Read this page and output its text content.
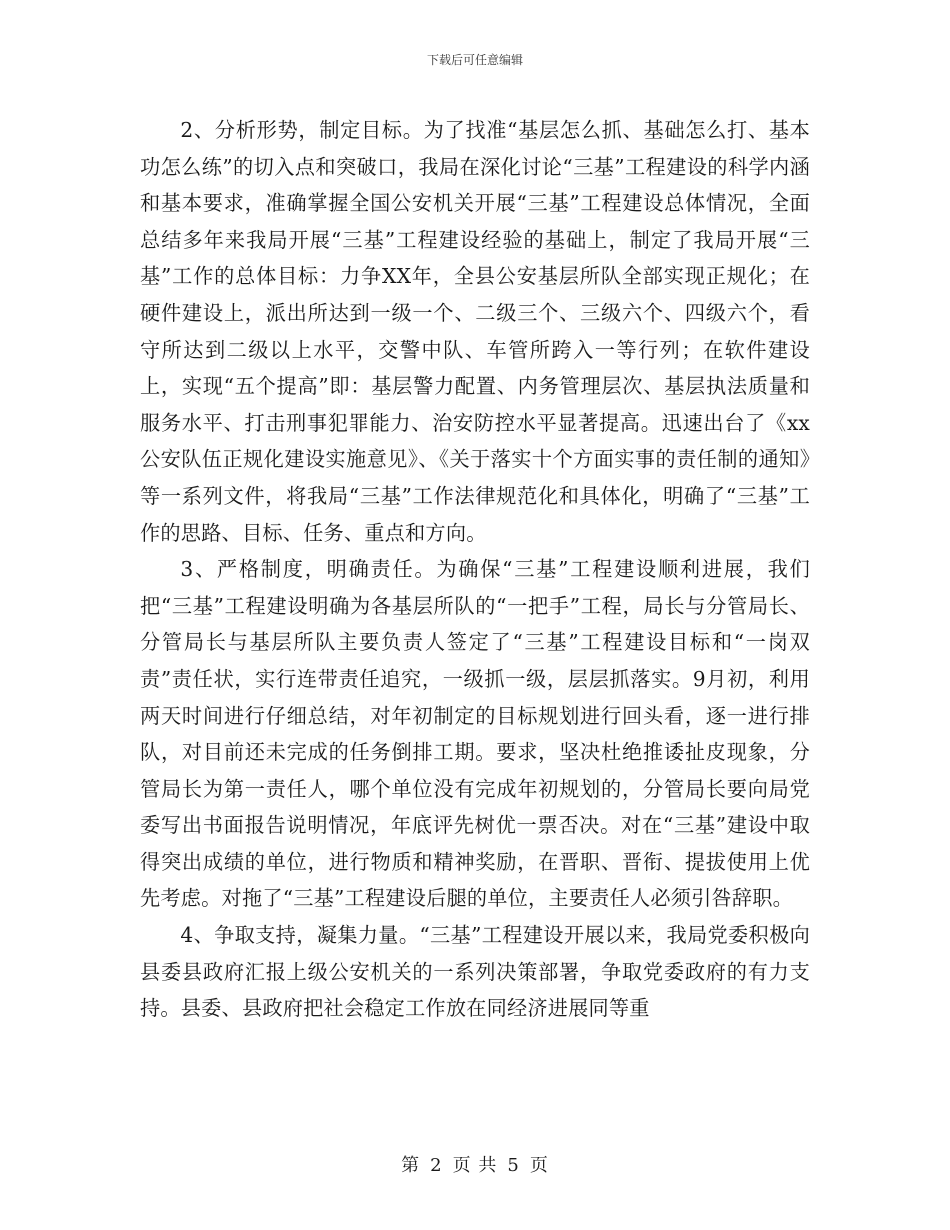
下载后可任意编辑

2、分析形势，制定目标。为了找准“基层怎么抓、基础怎么打、基本功怎么练”的切入点和突破口，我局在深化讨论“三基”工程建设的科学内涵和基本要求，准确掌握全国公安机关开展“三基”工程建设总体情况，全面总结多年来我局开展“三基”工程建设经验的基础上，制定了我局开展“三基”工作的总体目标：力争XX年，全县公安基层所队全部实现正规化；在硬件建设上，派出所达到一级一个、二级三个、三级六个、四级六个，看守所达到二级以上水平，交警中队、车管所跨入一等行列；在软件建设上，实现“五个提高”即：基层警力配置、内务管理层次、基层执法质量和服务水平、打击刑事犯罪能力、治安防控水平显著提高。迅速出台了《xx公安队伍正规化建设实施意见》、《关于落实十个方面实事的责任制的通知》等一系列文件，将我局“三基”工作法律规范化和具体化，明确了“三基”工作的思路、目标、任务、重点和方向。

3、严格制度，明确责任。为确保“三基”工程建设顺利进展，我们把“三基”工程建设明确为各基层所队的“一把手”工程，局长与分管局长、分管局长与基层所队主要负责人签定了“三基”工程建设目标和“一岗双责”责任状，实行连带责任追究，一级抓一级，层层抓落实。9月初，利用两天时间进行仔细总结，对年初制定的目标规划进行回头看，逐一进行排队，对目前还未完成的任务倒排工期。要求，坚决杜绝推诿扯皮现象，分管局长为第一责任人，哪个单位没有完成年初规划的，分管局长要向局党委写出书面报告说明情况，年底评先树优一票否决。对在“三基”建设中取得突出成绩的单位，进行物质和精神奖励，在晋职、晋衔、提拔使用上优先考虑。对拖了“三基”工程建设后腿的单位，主要责任人必须引咎辞职。

4、争取支持，凝集力量。“三基”工程建设开展以来，我局党委积极向县委县政府汇报上级公安机关的一系列决策部署，争取党委政府的有力支持。县委、县政府把社会稳定工作放在同经济进展同等重

第 2 页 共 5 页
